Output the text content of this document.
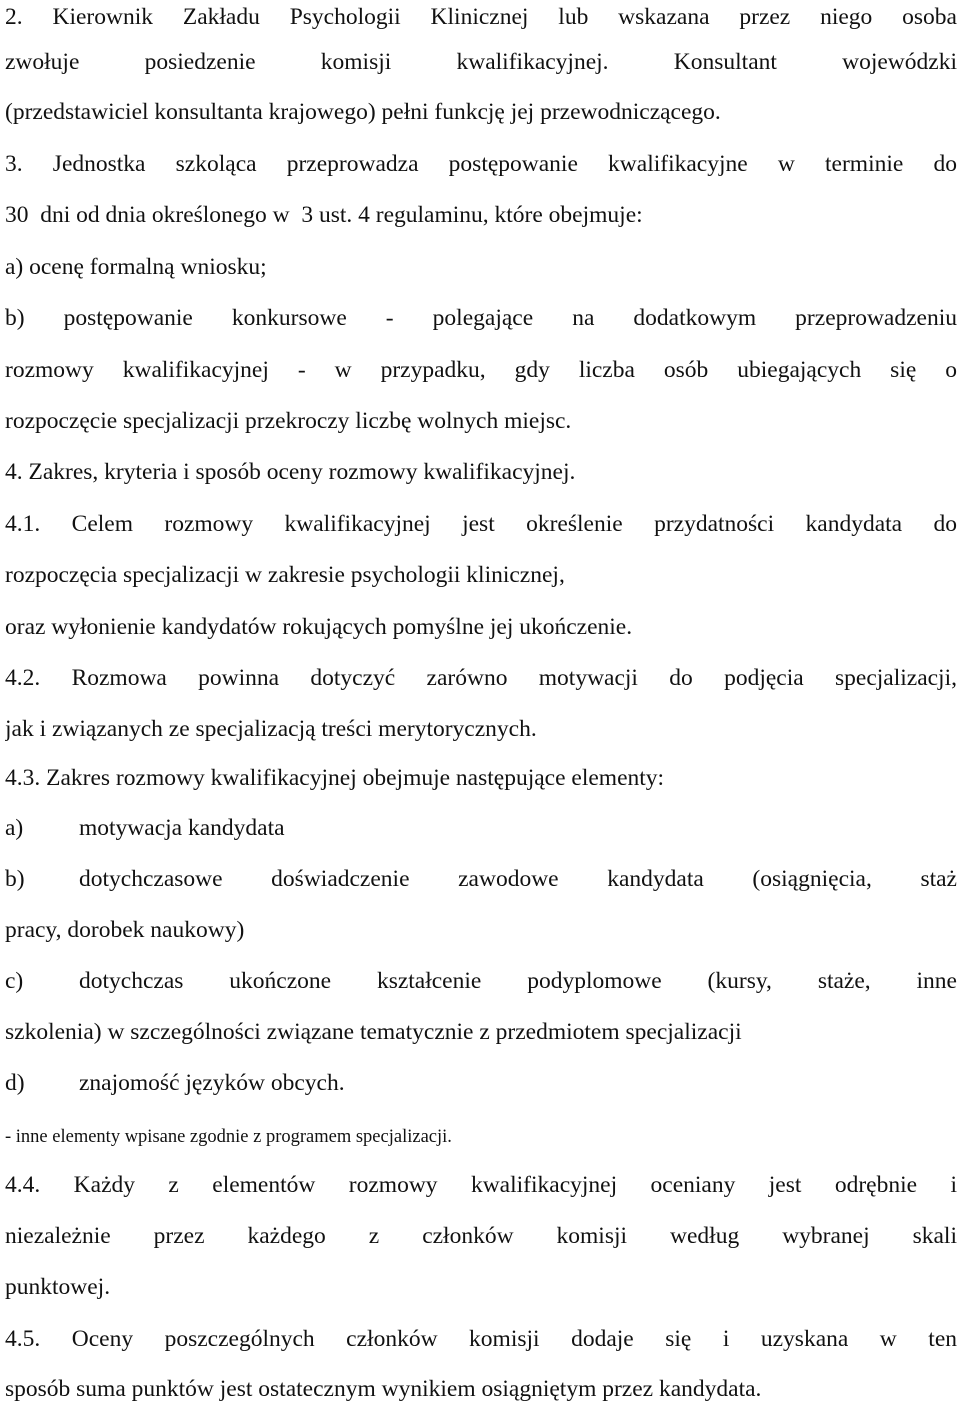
2. Kierownik Zakładu Psychologii Klinicznej lub wskazana przez niego osoba
zwołuje posiedzenie komisji kwalifikacyjnej. Konsultant wojewódzki
(przedstawiciel konsultanta krajowego) pełni funkcję jej przewodniczącego.
3. Jednostka szkoląca przeprowadza postępowanie kwalifikacyjne w terminie do
30  dni od dnia określonego w  3 ust. 4 regulaminu, które obejmuje:
a) ocenę formalną wniosku;
b) postępowanie konkursowe - polegające na dodatkowym przeprowadzeniu
rozmowy kwalifikacyjnej - w przypadku, gdy liczba osób ubiegających się o
rozpoczęcie specjalizacji przekroczy liczbę wolnych miejsc.
4. Zakres, kryteria i sposób oceny rozmowy kwalifikacyjnej.
4.1. Celem rozmowy kwalifikacyjnej jest określenie przydatności kandydata do
rozpoczęcia specjalizacji w zakresie psychologii klinicznej,
oraz wyłonienie kandydatów rokujących pomyślne jej ukończenie.
4.2. Rozmowa powinna dotyczyć zarówno motywacji do podjęcia specjalizacji,
jak i związanych ze specjalizacją treści merytorycznych.
4.3. Zakres rozmowy kwalifikacyjnej obejmuje następujące elementy:
a) motywacja kandydata
b)	dotychczasowe doświadczenie zawodowe kandydata (osiągnięcia, staż
pracy, dorobek naukowy)
c)	dotychczas ukończone kształcenie podyplomowe (kursy, staże, inne
szkolenia) w szczególności związane tematycznie z przedmiotem specjalizacji
d) znajomość języków obcych.
- inne elementy wpisane zgodnie z programem specjalizacji.
4.4. Każdy z elementów rozmowy kwalifikacyjnej oceniany jest odrębnie i
niezależnie przez każdego z członków komisji według wybranej skali
punktowej.
4.5. Oceny poszczególnych członków komisji dodaje się i uzyskana w ten
sposób suma punktów jest ostatecznym wynikiem osiągniętym przez kandydata.
